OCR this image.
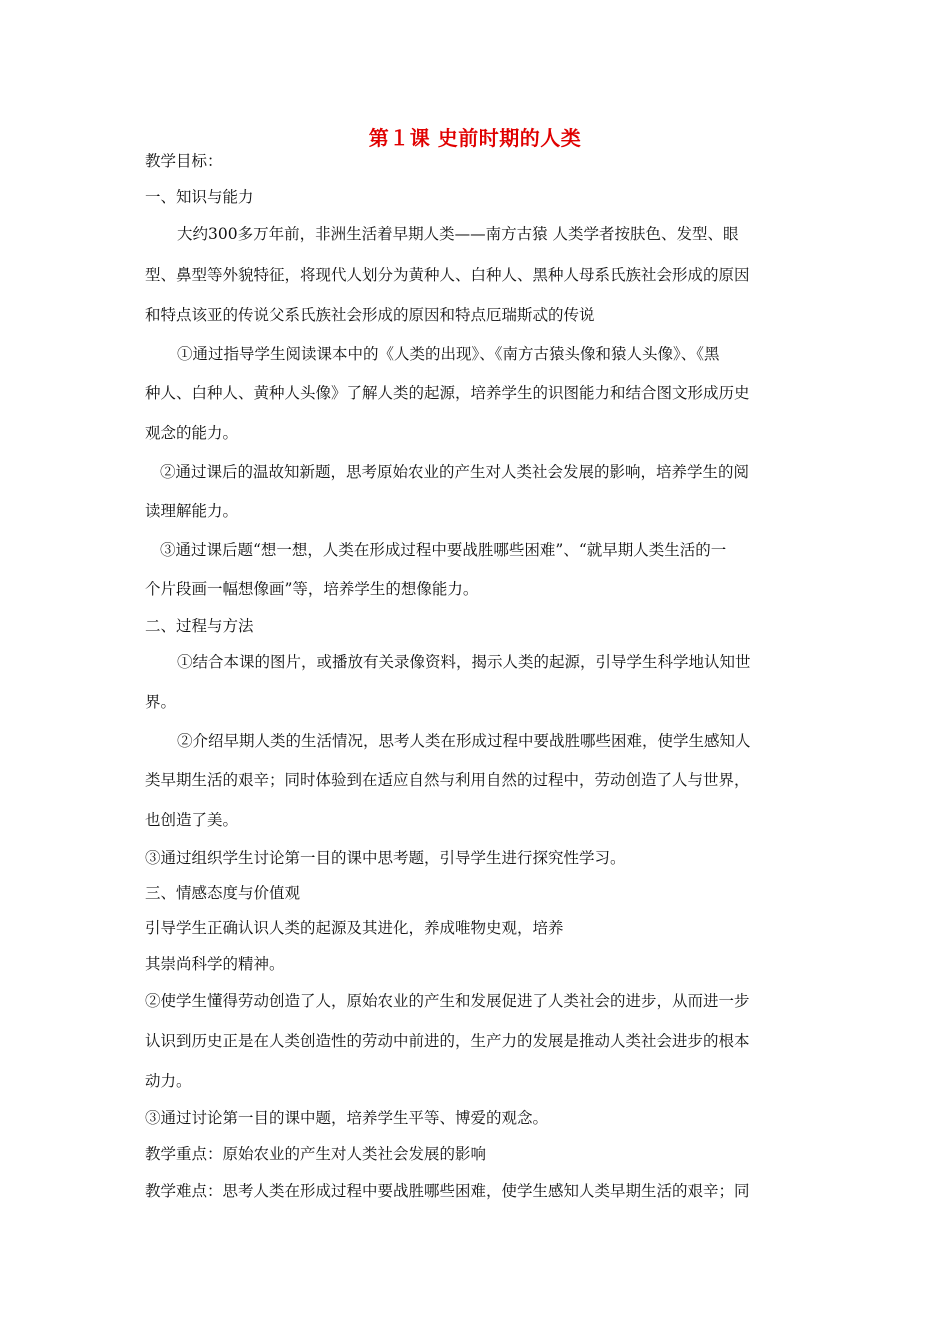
第１课 史前时期的人类
教学目标：
一、知识与能力
大约300多万年前，非洲生活着早期人类——南方古猿 人类学者按肤色、发型、眼
型、鼻型等外貌特征，将现代人划分为黄种人、白种人、黑种人母系氏族社会形成的原因
和特点该亚的传说父系氏族社会形成的原因和特点厄瑞斯忒的传说
①通过指导学生阅读课本中的《人类的出现》、《南方古猿头像和猿人头像》、《黑
种人、白种人、黄种人头像》了解人类的起源，培养学生的识图能力和结合图文形成历史
观念的能力。
②通过课后的温故知新题，思考原始农业的产生对人类社会发展的影响，培养学生的阅
读理解能力。
③通过课后题“想一想，人类在形成过程中要战胜哪些困难”、“就早期人类生活的一
个片段画一幅想像画”等，培养学生的想像能力。
二、过程与方法
①结合本课的图片，或播放有关录像资料，揭示人类的起源，引导学生科学地认知世
界。
②介绍早期人类的生活情况，思考人类在形成过程中要战胜哪些困难，使学生感知人
类早期生活的艰辛；同时体验到在适应自然与利用自然的过程中，劳动创造了人与世界，
也创造了美。
③通过组织学生讨论第一目的课中思考题，引导学生进行探究性学习。
三、情感态度与价值观
引导学生正确认识人类的起源及其进化，养成唯物史观，培养
其崇尚科学的精神。
②使学生懂得劳动创造了人，原始农业的产生和发展促进了人类社会的进步，从而进一步
认识到历史正是在人类创造性的劳动中前进的，生产力的发展是推动人类社会进步的根本
动力。
③通过讨论第一目的课中题，培养学生平等、博爱的观念。
教学重点：原始农业的产生对人类社会发展的影响
教学难点：思考人类在形成过程中要战胜哪些困难，使学生感知人类早期生活的艰辛；同
